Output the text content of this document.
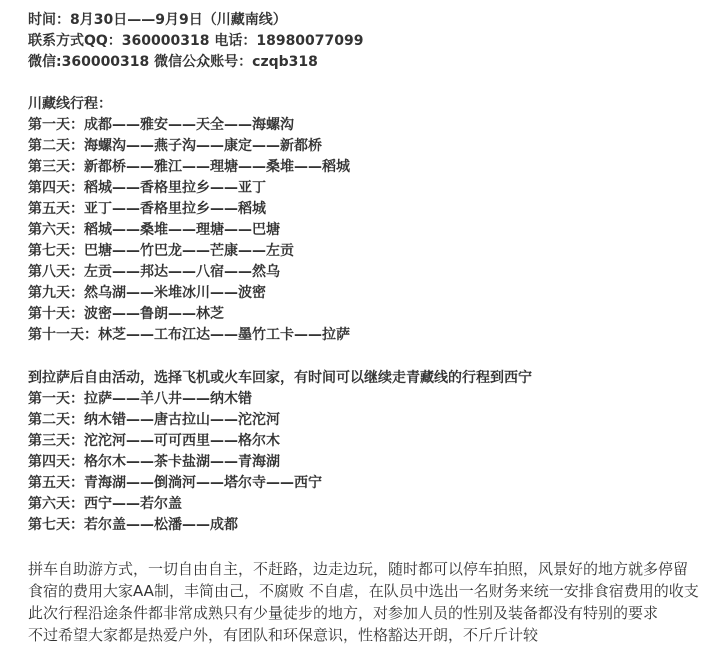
时间：8月30日——9月9日（川藏南线）
联系方式QQ：360000318 电话：18980077099
微信:360000318 微信公众账号：czqb318
川藏线行程：
第一天：成都——雅安——天全——海螺沟
第二天：海螺沟——燕子沟——康定——新都桥
第三天：新都桥——雅江——理塘——桑堆——稻城
第四天：稻城——香格里拉乡——亚丁
第五天：亚丁——香格里拉乡——稻城
第六天：稻城——桑堆——理塘——巴塘
第七天：巴塘——竹巴龙——芒康——左贡
第八天：左贡——邦达——八宿——然乌
第九天：然乌湖——米堆冰川——波密
第十天：波密——鲁朗——林芝
第十一天：林芝——工布江达——墨竹工卡——拉萨
到拉萨后自由活动，选择飞机或火车回家，有时间可以继续走青藏线的行程到西宁
第一天：拉萨——羊八井——纳木错
第二天：纳木错——唐古拉山——沱沱河
第三天：沱沱河——可可西里——格尔木
第四天：格尔木——茶卡盐湖——青海湖
第五天：青海湖——倒淌河——塔尔寺——西宁
第六天：西宁——若尔盖
第七天：若尔盖——松潘——成都
拼车自助游方式，一切自由自主，不赶路，边走边玩，随时都可以停车拍照，风景好的地方就多停留
食宿的费用大家AA制，丰简由己，不腐败 不自虐，在队员中选出一名财务来统一安排食宿费用的收支
此次行程沿途条件都非常成熟只有少量徒步的地方，对参加人员的性别及装备都没有特别的要求
不过希望大家都是热爱户外，有团队和环保意识，性格豁达开朗，不斤斤计较
